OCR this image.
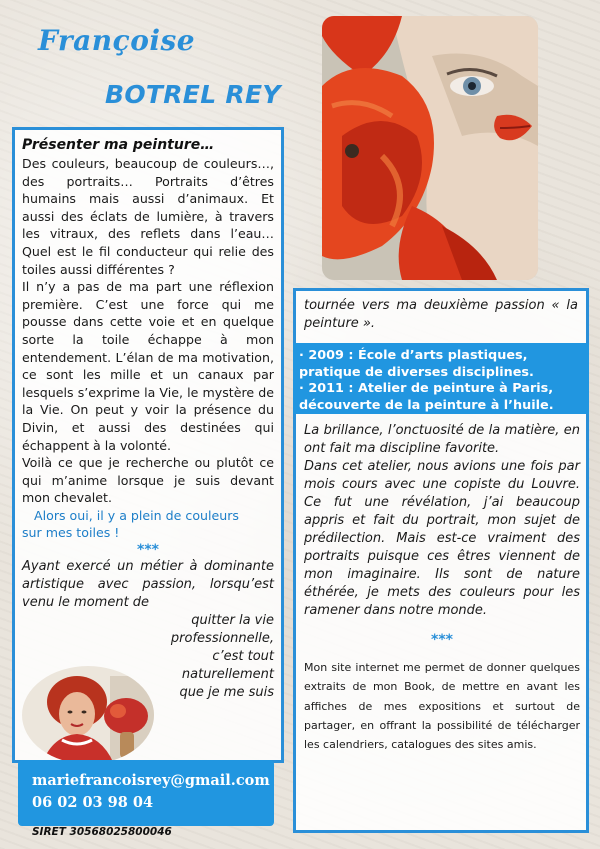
Françoise
BOTREL REY

Présenter ma peinture…

Des couleurs, beaucoup de couleurs…, des portraits… Portraits d’êtres humains mais aussi d’animaux. Et aussi des éclats de lumière, à travers les vitraux, des reflets dans l’eau… Quel est le fil conducteur qui relie des toiles aussi différentes ?

Il n’y a pas de ma part une réflexion première. C’est une force qui me pousse dans cette voie et en quelque sorte la toile échappe à mon entendement. L’élan de ma motivation, ce sont les mille et un canaux par lesquels s’exprime la Vie, le mystère de la Vie. On peut y voir la présence du Divin, et aussi des destinées qui échappent à la volonté.

Voilà ce que je recherche ou plutôt ce qui m’anime lorsque je suis devant mon chevalet.

Alors oui, il y a plein de couleurs

sur mes toiles !

***

Ayant exercé un métier à dominante artistique avec passion, lorsqu’est venu le moment de

quitter la vie

professionnelle,

c’est tout

naturellement

que je me suis

mariefrancoisrey@gmail.com
06 02 03 98 04
SIRET 30568025800046

tournée vers ma deuxième passion « la peinture ».

· 2009 : École d’arts plastiques, pratique de diverses disciplines.
· 2011 : Atelier de peinture à Paris, découverte de la peinture à l’huile.

La brillance, l’onctuosité de la matière, en ont fait ma discipline favorite.

Dans cet atelier, nous avions une fois par mois cours avec une copiste du Louvre. Ce fut une révélation, j’ai beaucoup appris et fait du portrait, mon sujet de prédilection. Mais est-ce vraiment des portraits puisque ces êtres viennent de mon imaginaire. Ils sont de nature éthérée, je mets des couleurs pour les ramener dans notre monde.

***

Mon site internet me permet de donner quelques extraits de mon Book, de mettre en avant les affiches de mes expositions et surtout de partager, en offrant la possibilité de télécharger les calendriers, catalogues des sites amis.
